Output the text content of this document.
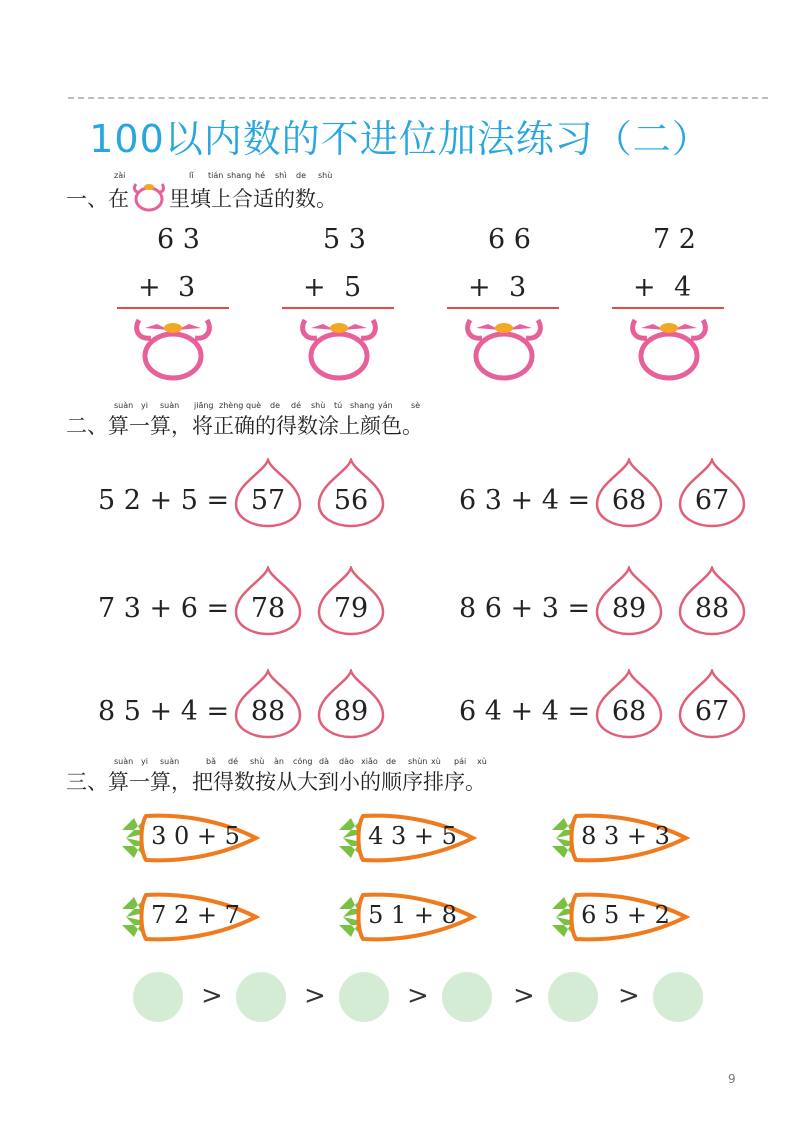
100以内数的不进位加法练习（二）
zài	lǐ tián shang hé shì de shù
一、在 里填上合适的数。
6 3
+ 3
5 3
+ 5
6 6
+ 3
7 2
+ 4
suàn yi suàn jiāng zhèng què de dé shù tú shang yán sè
二、算一算，将正确的得数涂上颜色。
5 2 + 5 = 57	56	6 3 + 4 = 68	67
7 3 + 6 = 78	79	8 6 + 3 = 89	88
8 5 + 4 = 88	89	6 4 + 4 = 68	67
suàn yi suàn	bǎ dé shù àn cóng dà dào xiǎo de shùn xù pái xù
三、算一算，把得数按从大到小的顺序排序。
3 0 + 5	4 3 + 5	8 3 + 3
7 2 + 7	5 1 + 8	6 5 + 2
>	>	>	>	>
9
